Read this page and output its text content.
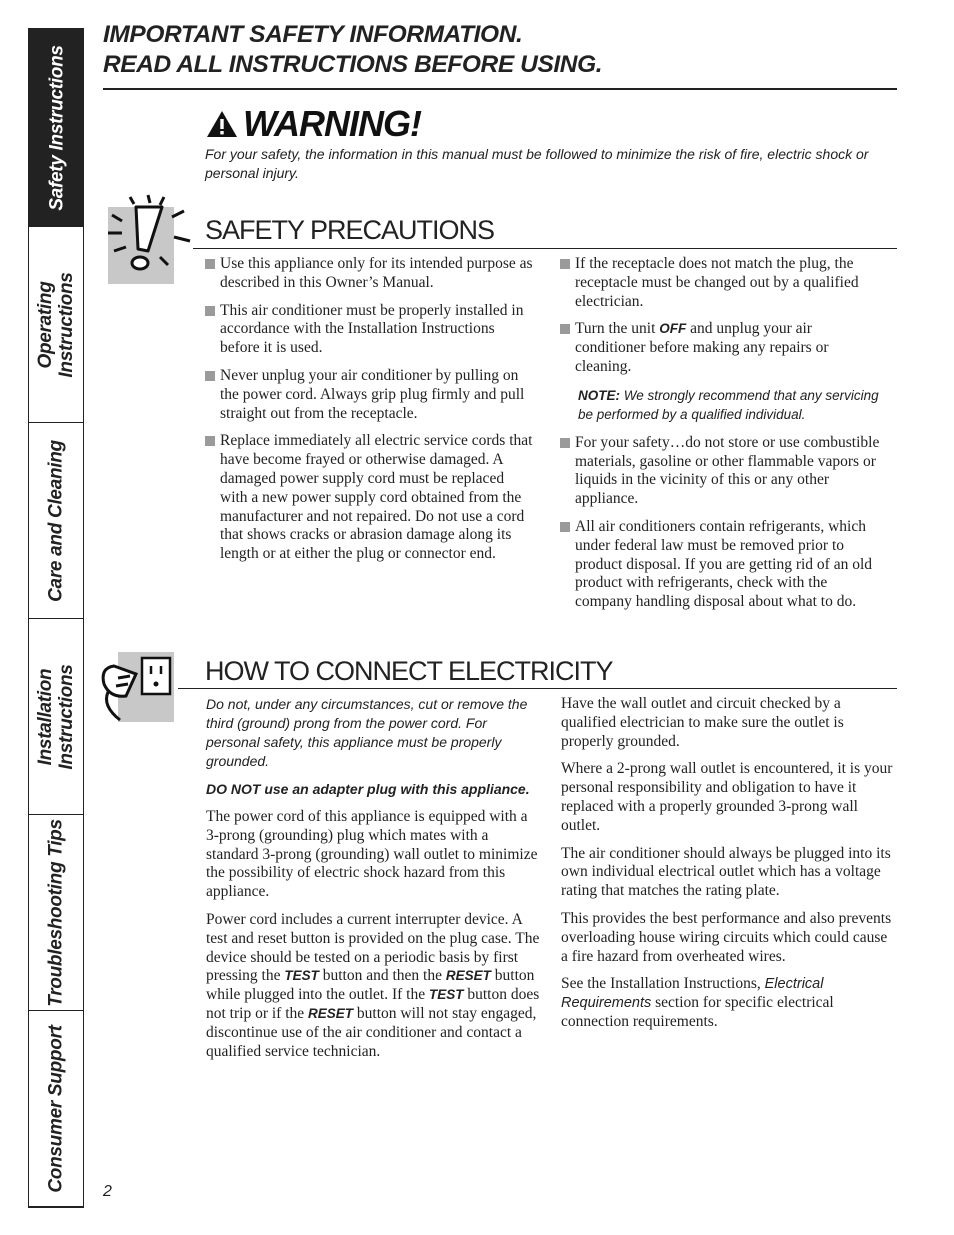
Safety Instructions
Operating
Instructions
Care and Cleaning
Installation
Instructions
Troubleshooting Tips
Consumer Support
IMPORTANT SAFETY INFORMATION.
READ ALL INSTRUCTIONS BEFORE USING.
WARNING!
For your safety, the information in this manual must be followed to minimize the risk of fire, electric shock or personal injury.
SAFETY PRECAUTIONS
Use this appliance only for its intended purpose as described in this Owner’s Manual.
This air conditioner must be properly installed in accordance with the Installation Instructions before it is used.
Never unplug your air conditioner by pulling on the power cord. Always grip plug firmly and pull straight out from the receptacle.
Replace immediately all electric service cords that have become frayed or otherwise damaged. A damaged power supply cord must be replaced with a new power supply cord obtained from the manufacturer and not repaired. Do not use a cord that shows cracks or abrasion damage along its length or at either the plug or connector end.
If the receptacle does not match the plug, the receptacle must be changed out by a qualified electrician.
Turn the unit OFF and unplug your air conditioner before making any repairs or cleaning.
NOTE: We strongly recommend that any servicing be performed by a qualified individual.
For your safety…do not store or use combustible materials, gasoline or other flammable vapors or liquids in the vicinity of this or any other appliance.
All air conditioners contain refrigerants, which under federal law must be removed prior to product disposal. If you are getting rid of an old product with refrigerants, check with the company handling disposal about what to do.
HOW TO CONNECT ELECTRICITY
Do not, under any circumstances, cut or remove the third (ground) prong from the power cord. For personal safety, this appliance must be properly grounded.
DO NOT use an adapter plug with this appliance.
The power cord of this appliance is equipped with a 3-prong (grounding) plug which mates with a standard 3-prong (grounding) wall outlet to minimize the possibility of electric shock hazard from this appliance.
Power cord includes a current interrupter device. A test and reset button is provided on the plug case. The device should be tested on a periodic basis by first pressing the TEST button and then the RESET button while plugged into the outlet. If the TEST button does not trip or if the RESET button will not stay engaged, discontinue use of the air conditioner and contact a qualified service technician.
Have the wall outlet and circuit checked by a qualified electrician to make sure the outlet is properly grounded.
Where a 2-prong wall outlet is encountered, it is your personal responsibility and obligation to have it replaced with a properly grounded 3-prong wall outlet.
The air conditioner should always be plugged into its own individual electrical outlet which has a voltage rating that matches the rating plate.
This provides the best performance and also prevents overloading house wiring circuits which could cause a fire hazard from overheated wires.
See the Installation Instructions, Electrical Requirements section for specific electrical connection requirements.
2
